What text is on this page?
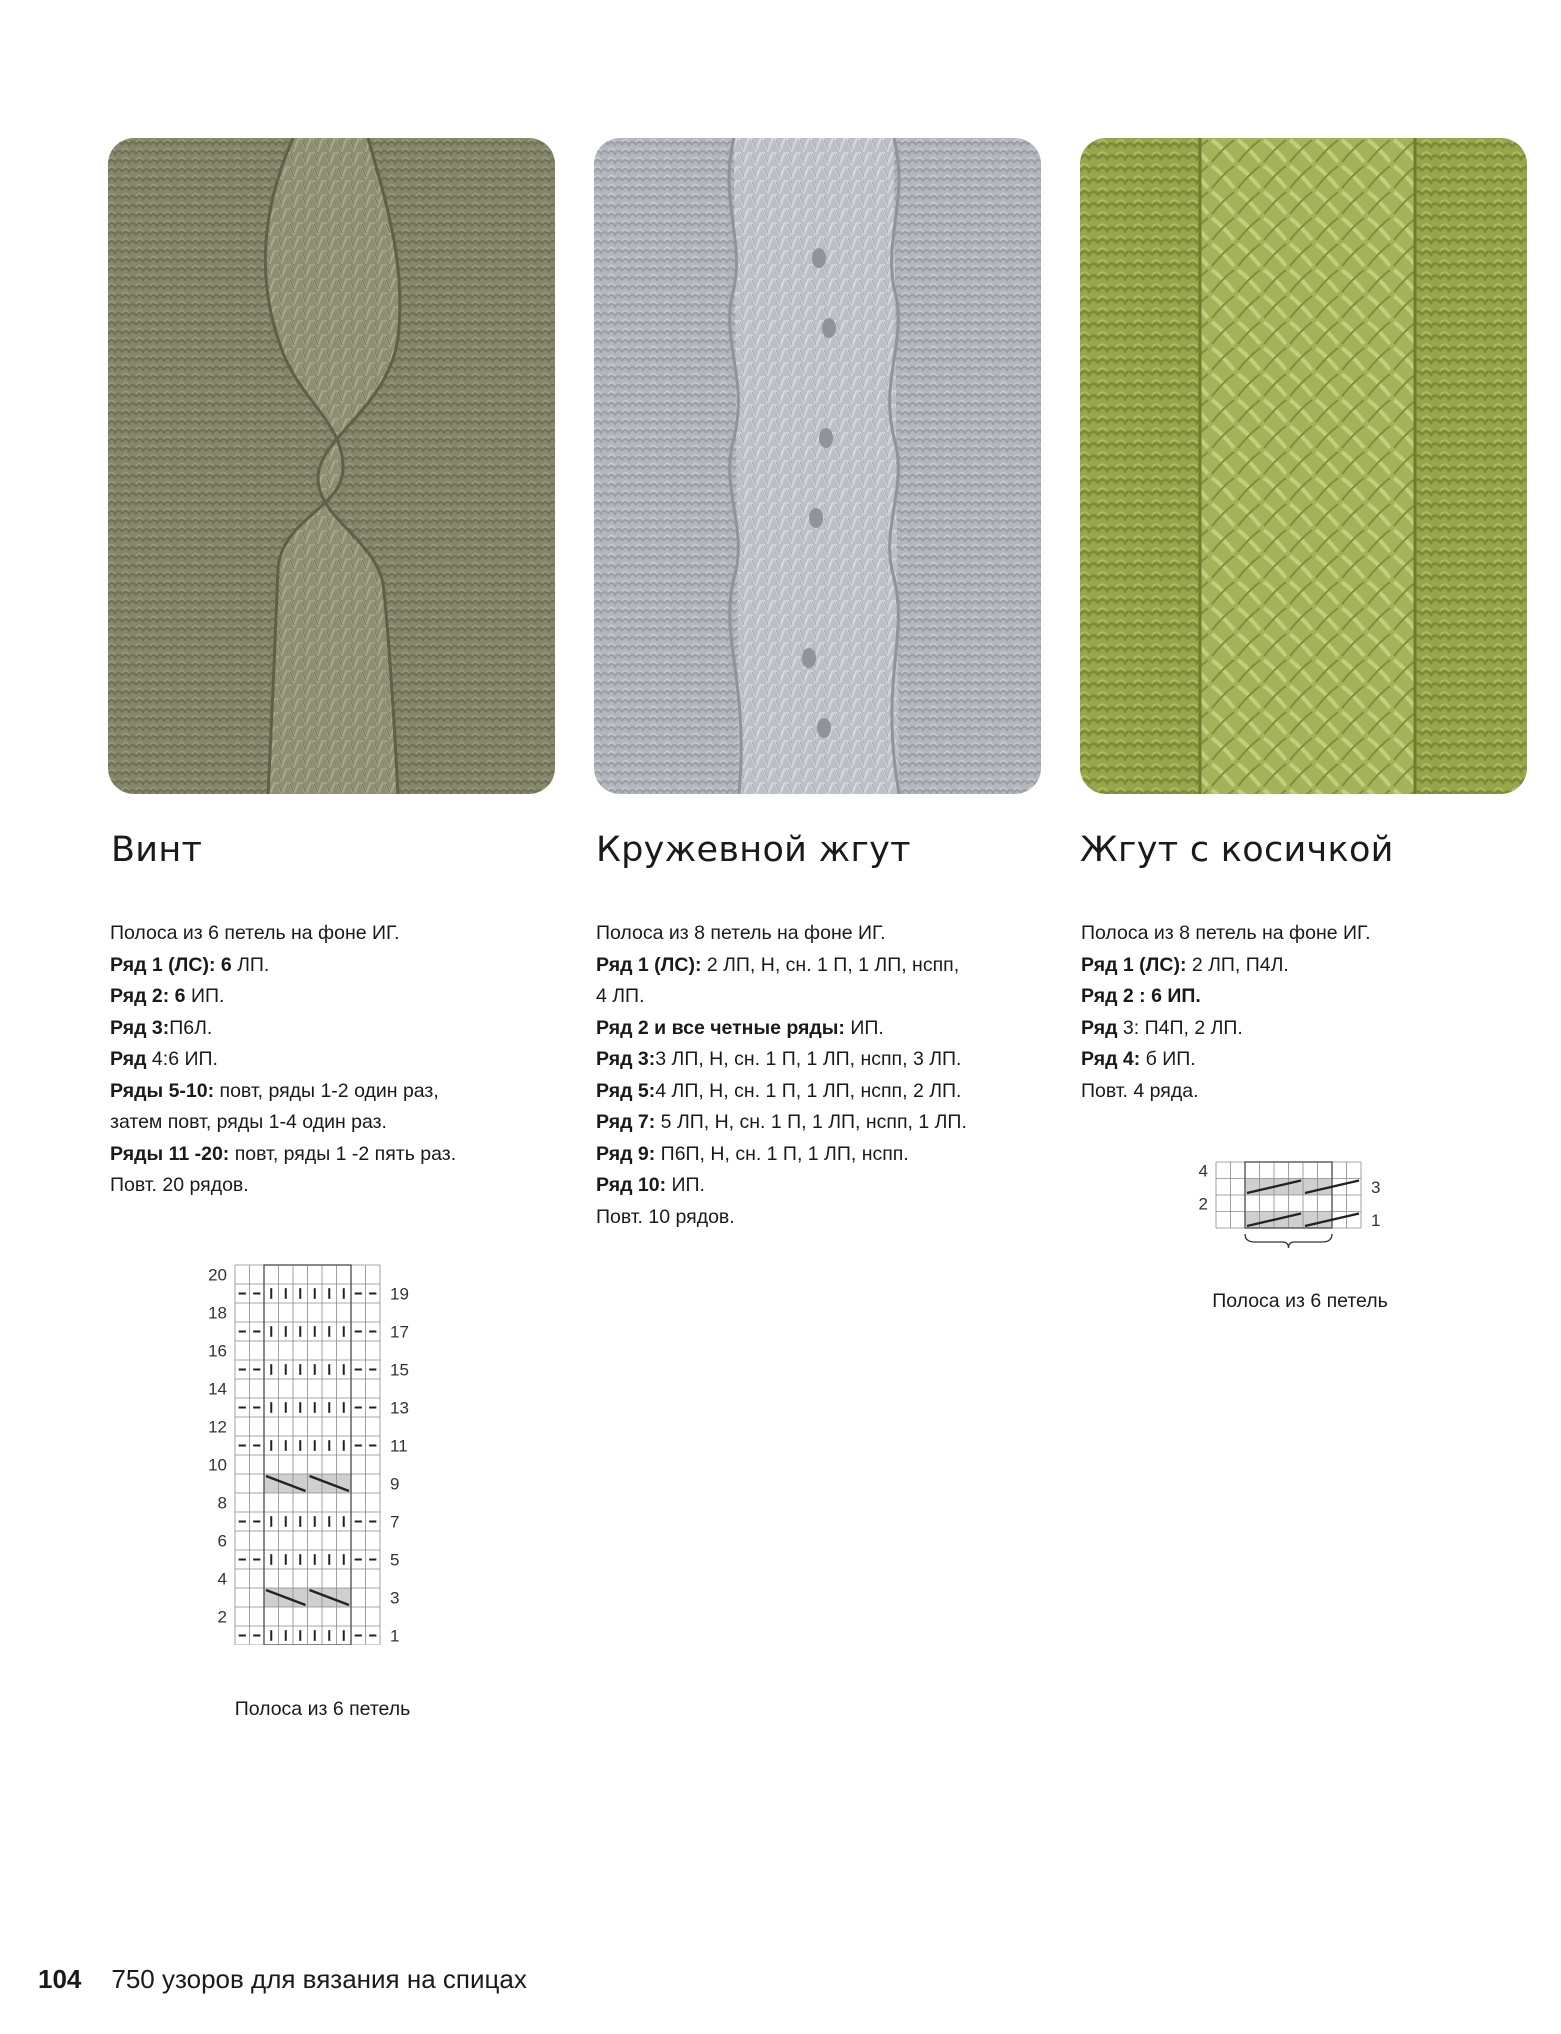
Винт	Кружевной жгут	Жгут с косичкой
Полоса из 6 петель на фоне ИГ.
Ряд 1 (ЛС): 6 ЛП.
Ряд 2: 6 ИП.
Ряд 3:П6Л.
Ряд 4:6 ИП.
Ряды 5-10: повт, ряды 1-2 один раз,
затем повт, ряды 1-4 один раз.
Ряды 11 -20: повт, ряды 1 -2 пять раз.
Повт. 20 рядов.
Полоса из 8 петель на фоне ИГ.
Ряд 1 (ЛС): 2 ЛП, Н, сн. 1 П, 1 ЛП, нспп,
4 ЛП.
Ряд 2 и все четные ряды: ИП.
Ряд 3:3 ЛП, Н, сн. 1 П, 1 ЛП, нспп, 3 ЛП.
Ряд 5:4 ЛП, Н, сн. 1 П, 1 ЛП, нспп, 2 ЛП.
Ряд 7: 5 ЛП, Н, сн. 1 П, 1 ЛП, нспп, 1 ЛП.
Ряд 9: П6П, Н, сн. 1 П, 1 ЛП, нспп.
Ряд 10: ИП.
Повт. 10 рядов.
Полоса из 8 петель на фоне ИГ.
Ряд 1 (ЛС): 2 ЛП, П4Л.
Ряд 2 : 6 ИП.
Ряд 3: П4П, 2 ЛП.
Ряд 4: б ИП.
Повт. 4 ряда.
20
18
16
14
12
10
8
6
4
2
19
17
15
13
11
9
7
5
3
1
Полоса из 6 петель
4
2
3
1
Полоса из 6 петель
104 750 узоров для вязания на спицах
